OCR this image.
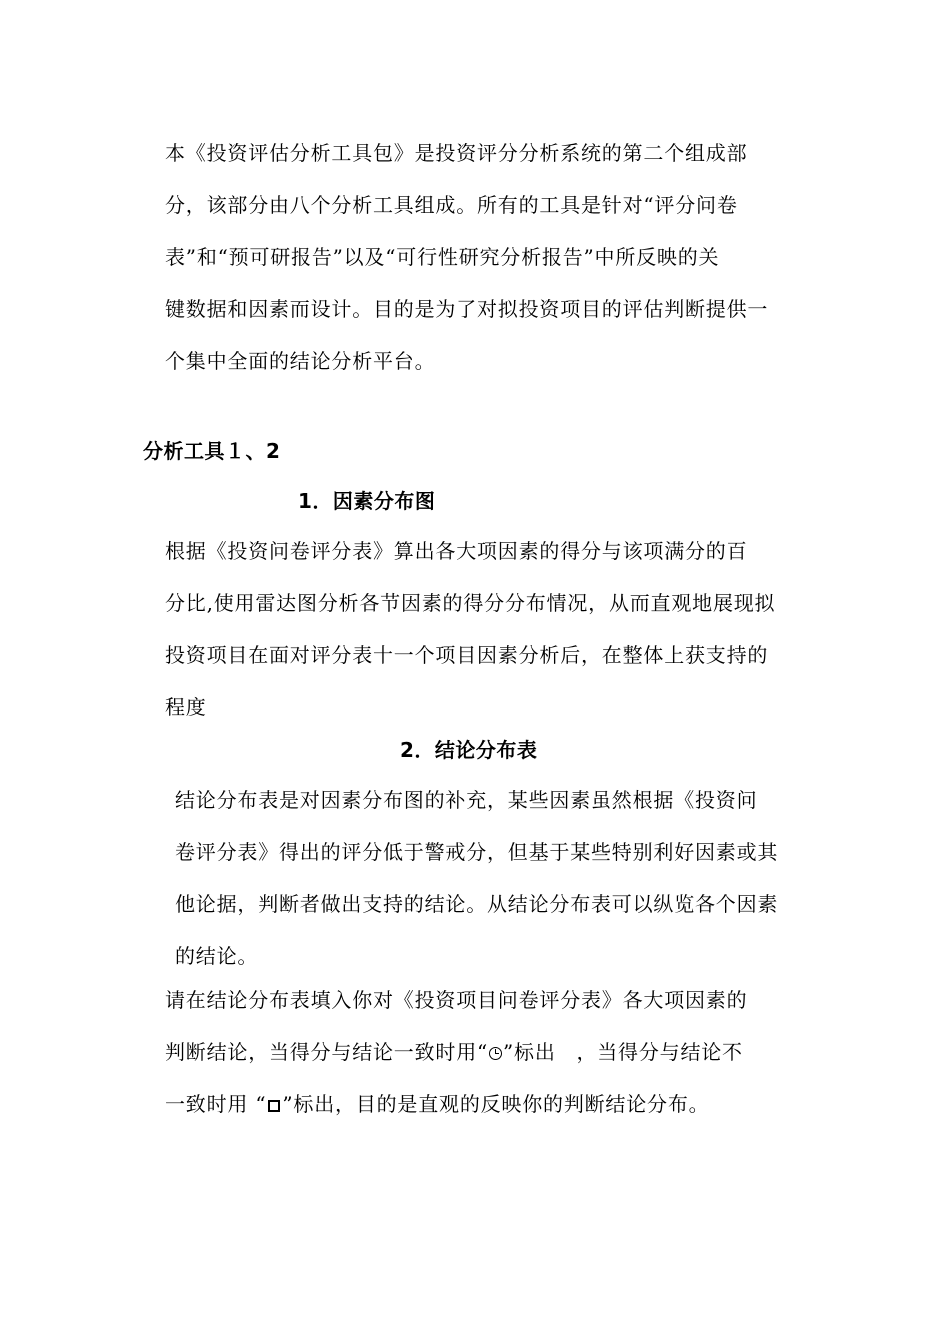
本《投资评估分析工具包》是投资评分分析系统的第二个组成部
分，该部分由八个分析工具组成。所有的工具是针对“评分问卷
表”和“预可研报告”以及“可行性研究分析报告”中所反映的关
键数据和因素而设计。目的是为了对拟投资项目的评估判断提供一
个集中全面的结论分析平台。
分析工具１、2
1．因素分布图
根据《投资问卷评分表》算出各大项因素的得分与该项满分的百
分比,使用雷达图分析各节因素的得分分布情况，从而直观地展现拟
投资项目在面对评分表十一个项目因素分析后，在整体上获支持的
程度
2．结论分布表
结论分布表是对因素分布图的补充，某些因素虽然根据《投资问
卷评分表》得出的评分低于警戒分，但基于某些特别利好因素或其
他论据，判断者做出支持的结论。从结论分布表可以纵览各个因素
的结论。
请在结论分布表填入你对《投资项目问卷评分表》各大项因素的
判断结论，当得分与结论一致时用“ ”标出　，当得分与结论不
一致时用 “ ”标出，目的是直观的反映你的判断结论分布。
